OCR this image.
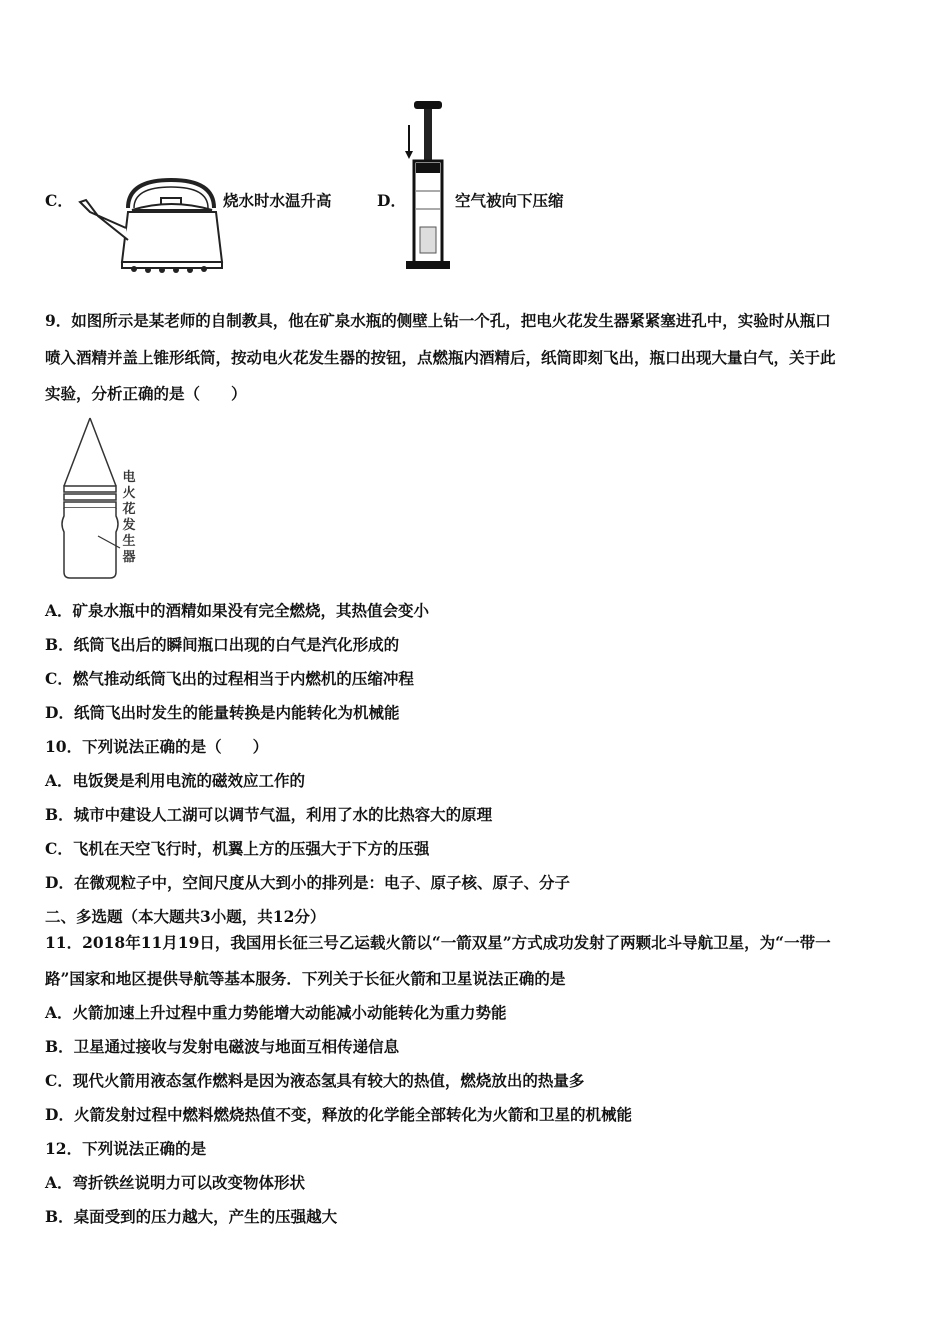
C．	烧水时水温升高	D．	空气被向下压缩
9．如图所示是某老师的自制教具，他在矿泉水瓶的侧壁上钻一个孔，把电火花发生器紧紧塞进孔中，实验时从瓶口
喷入酒精并盖上锥形纸筒，按动电火花发生器的按钮，点燃瓶内酒精后，纸筒即刻飞出，瓶口出现大量白气，关于此
实验，分析正确的是（　　）
电
火
花
发
生
器
A．矿泉水瓶中的酒精如果没有完全燃烧，其热值会变小
B．纸筒飞出后的瞬间瓶口出现的白气是汽化形成的
C．燃气推动纸筒飞出的过程相当于内燃机的压缩冲程
D．纸筒飞出时发生的能量转换是内能转化为机械能
10．下列说法正确的是（　　）
A．电饭煲是利用电流的磁效应工作的
B．城市中建设人工湖可以调节气温，利用了水的比热容大的原理
C．飞机在天空飞行时，机翼上方的压强大于下方的压强
D．在微观粒子中，空间尺度从大到小的排列是：电子、原子核、原子、分子
二、多选题（本大题共3小题，共12分）
11．2018年11月19日，我国用长征三号乙运载火箭以“一箭双星”方式成功发射了两颗北斗导航卫星，为“一带一
路”国家和地区提供导航等基本服务．下列关于长征火箭和卫星说法正确的是
A．火箭加速上升过程中重力势能增大动能减小动能转化为重力势能
B．卫星通过接收与发射电磁波与地面互相传递信息
C．现代火箭用液态氢作燃料是因为液态氢具有较大的热值，燃烧放出的热量多
D．火箭发射过程中燃料燃烧热值不变，释放的化学能全部转化为火箭和卫星的机械能
12．下列说法正确的是
A．弯折铁丝说明力可以改变物体形状
B．桌面受到的压力越大，产生的压强越大
